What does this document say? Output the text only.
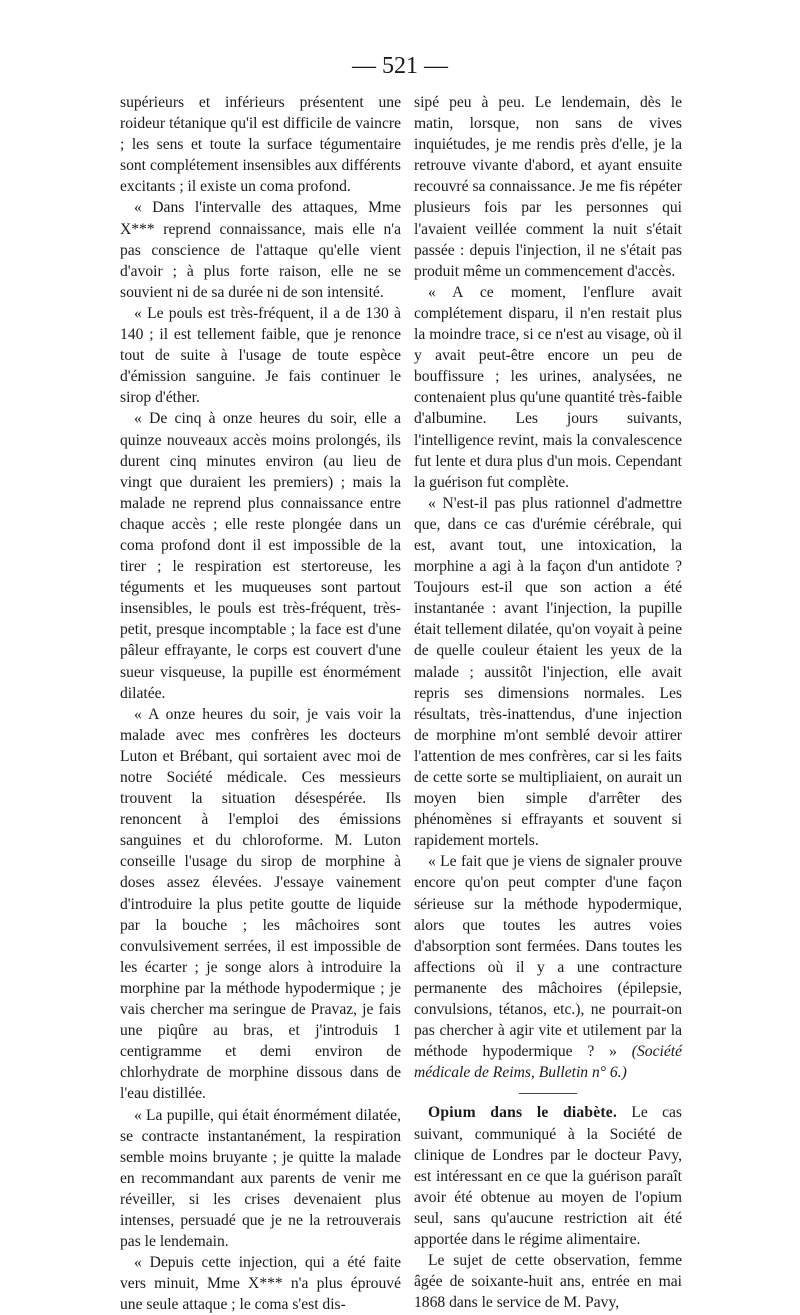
— 521 —

supérieurs et inférieurs présentent une roideur tétanique qu'il est difficile de vaincre ; les sens et toute la surface tégumentaire sont complétement insensibles aux différents excitants ; il existe un coma profond.

« Dans l'intervalle des attaques, Mme X*** reprend connaissance, mais elle n'a pas conscience de l'attaque qu'elle vient d'avoir ; à plus forte raison, elle ne se souvient ni de sa durée ni de son intensité.

« Le pouls est très-fréquent, il a de 130 à 140 ; il est tellement faible, que je renonce tout de suite à l'usage de toute espèce d'émission sanguine. Je fais continuer le sirop d'éther.

« De cinq à onze heures du soir, elle a quinze nouveaux accès moins prolongés, ils durent cinq minutes environ (au lieu de vingt que duraient les premiers) ; mais la malade ne reprend plus connaissance entre chaque accès ; elle reste plongée dans un coma profond dont il est impossible de la tirer ; le respiration est stertoreuse, les téguments et les muqueuses sont partout insensibles, le pouls est très-fréquent, très-petit, presque incomptable ; la face est d'une pâleur effrayante, le corps est couvert d'une sueur visqueuse, la pupille est énormément dilatée.

« A onze heures du soir, je vais voir la malade avec mes confrères les docteurs Luton et Brébant, qui sortaient avec moi de notre Société médicale. Ces messieurs trouvent la situation désespérée. Ils renoncent à l'emploi des émissions sanguines et du chloroforme. M. Luton conseille l'usage du sirop de morphine à doses assez élevées. J'essaye vainement d'introduire la plus petite goutte de liquide par la bouche ; les mâchoires sont convulsivement serrées, il est impossible de les écarter ; je songe alors à introduire la morphine par la méthode hypodermique ; je vais chercher ma seringue de Pravaz, je fais une piqûre au bras, et j'introduis 1 centigramme et demi environ de chlorhydrate de morphine dissous dans de l'eau distillée.

« La pupille, qui était énormément dilatée, se contracte instantanément, la respiration semble moins bruyante ; je quitte la malade en recommandant aux parents de venir me réveiller, si les crises devenaient plus intenses, persuadé que je ne la retrouverais pas le lendemain.

« Depuis cette injection, qui a été faite vers minuit, Mme X*** n'a plus éprouvé une seule attaque ; le coma s'est dis-

sipé peu à peu. Le lendemain, dès le matin, lorsque, non sans de vives inquiétudes, je me rendis près d'elle, je la retrouve vivante d'abord, et ayant ensuite recouvré sa connaissance. Je me fis répéter plusieurs fois par les personnes qui l'avaient veillée comment la nuit s'était passée : depuis l'injection, il ne s'était pas produit même un commencement d'accès.

« A ce moment, l'enflure avait complétement disparu, il n'en restait plus la moindre trace, si ce n'est au visage, où il y avait peut-être encore un peu de bouffissure ; les urines, analysées, ne contenaient plus qu'une quantité très-faible d'albumine. Les jours suivants, l'intelligence revint, mais la convalescence fut lente et dura plus d'un mois. Cependant la guérison fut complète.

« N'est-il pas plus rationnel d'admettre que, dans ce cas d'urémie cérébrale, qui est, avant tout, une intoxication, la morphine a agi à la façon d'un antidote ? Toujours est-il que son action a été instantanée : avant l'injection, la pupille était tellement dilatée, qu'on voyait à peine de quelle couleur étaient les yeux de la malade ; aussitôt l'injection, elle avait repris ses dimensions normales. Les résultats, très-inattendus, d'une injection de morphine m'ont semblé devoir attirer l'attention de mes confrères, car si les faits de cette sorte se multipliaient, on aurait un moyen bien simple d'arrêter des phénomènes si effrayants et souvent si rapidement mortels.

« Le fait que je viens de signaler prouve encore qu'on peut compter d'une façon sérieuse sur la méthode hypodermique, alors que toutes les autres voies d'absorption sont fermées. Dans toutes les affections où il y a une contracture permanente des mâchoires (épilepsie, convulsions, tétanos, etc.), ne pourrait-on pas chercher à agir vite et utilement par la méthode hypodermique ? » (Société médicale de Reims, Bulletin n° 6.)

Opium dans le diabète. Le cas suivant, communiqué à la Société de clinique de Londres par le docteur Pavy, est intéressant en ce que la guérison paraît avoir été obtenue au moyen de l'opium seul, sans qu'aucune restriction ait été apportée dans le régime alimentaire.

Le sujet de cette observation, femme âgée de soixante-huit ans, entrée en mai 1868 dans le service de M. Pavy,
